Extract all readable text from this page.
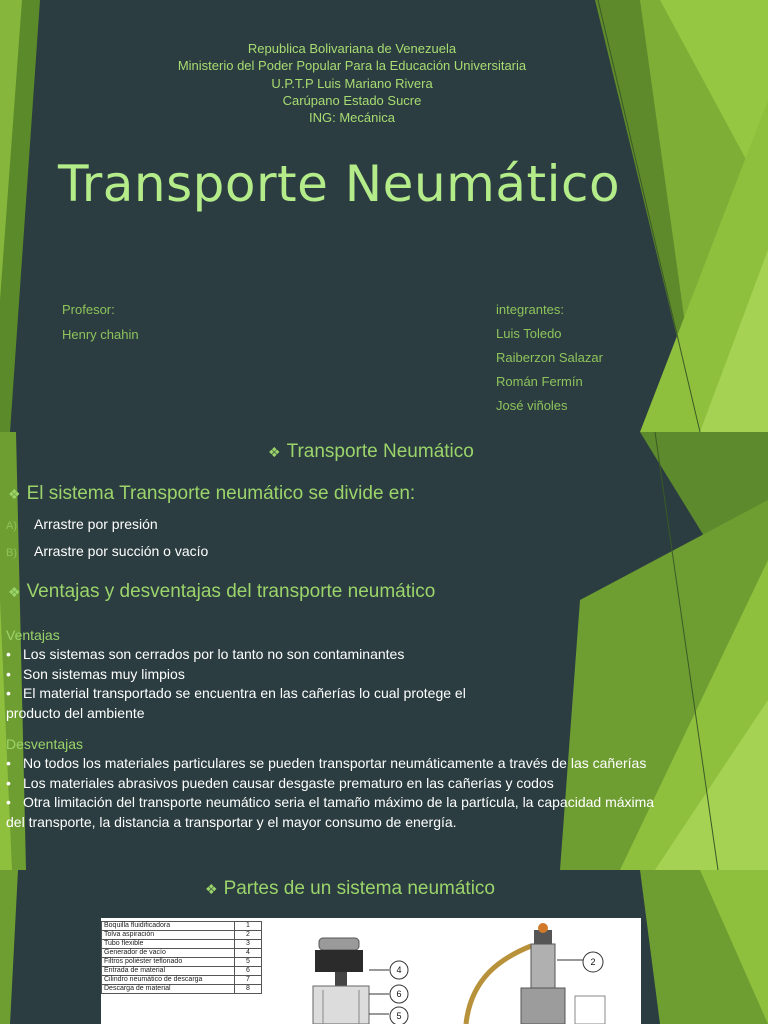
Republica Bolivariana de Venezuela
Ministerio del Poder Popular Para la Educación Universitaria
U.P.T.P Luis Mariano Rivera
Carúpano Estado Sucre
ING: Mecánica
Transporte Neumático
Profesor:
Henry chahin
integrantes:
Luis Toledo
Raiberzon Salazar
Román Fermín
José viñoles
❖ Transporte Neumático
❖ El sistema Transporte neumático se divide en:
A) Arrastre por presión
B) Arrastre por succión o vacío
❖ Ventajas y desventajas del transporte neumático
Ventajas
• Los sistemas son cerrados por lo tanto no son contaminantes
• Son sistemas muy limpios
• El material transportado se encuentra en las cañerías lo cual protege el
producto del ambiente
Desventajas
• No todos los materiales particulares se pueden transportar neumáticamente a través de las cañerías
• Los materiales abrasivos pueden causar desgaste prematuro en las cañerías y codos
• Otra limitación del transporte neumático seria el tamaño máximo de la partícula, la capacidad máxima
del transporte, la distancia a transportar y el mayor consumo de energía.
❖ Partes de un sistema neumático
Boquilla fluidificadora	1
Tolva aspiración	2
Tubo flexible	3
Generador de vacío	4
Filtros poliéster teflonado	5
Entrada de material	6
Cilindro neumático de descarga	7
Descarga de material	8
4
6
5
2
